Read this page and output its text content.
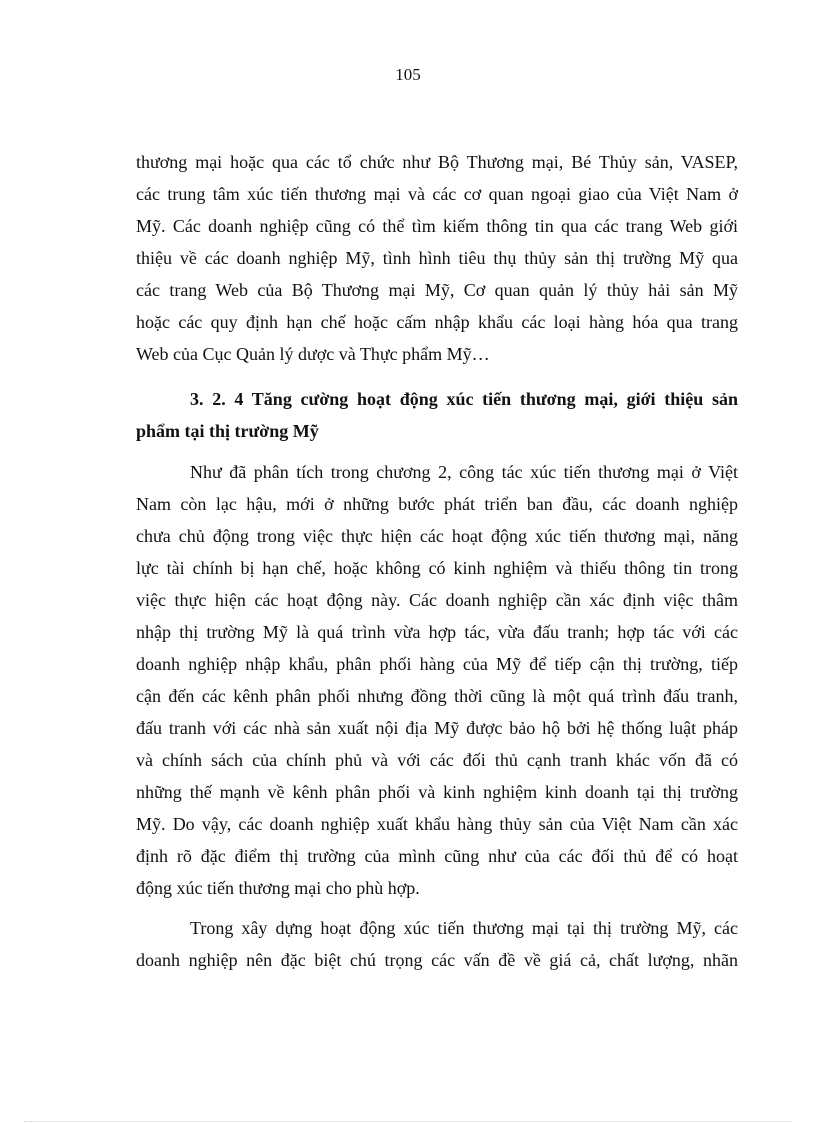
105
thương mại hoặc qua các tổ chức như Bộ Thương mại, Bé Thủy sản, VASEP,
các trung tâm xúc tiến thương mại và các cơ quan ngoại giao của Việt Nam ở
Mỹ. Các doanh nghiệp cũng có thể tìm kiếm thông tin qua các trang Web giới
thiệu về các doanh nghiệp Mỹ, tình hình tiêu thụ thủy sản thị trường Mỹ qua
các trang Web của Bộ Thương mại Mỹ, Cơ quan quản lý thủy hải sản Mỹ
hoặc các quy định hạn chế hoặc cấm nhập khẩu các loại hàng hóa qua trang
Web của Cục Quản lý dược và Thực phẩm Mỹ…
3. 2. 4 Tăng cường hoạt động xúc tiến thương mại, giới thiệu sản
phẩm tại thị trường Mỹ
Như đã phân tích trong chương 2, công tác xúc tiến thương mại ở Việt
Nam còn lạc hậu, mới ở những bước phát triển ban đầu, các doanh nghiệp
chưa chủ động trong việc thực hiện các hoạt động xúc tiến thương mại, năng
lực tài chính bị hạn chế, hoặc không có kinh nghiệm và thiếu thông tin trong
việc thực hiện các hoạt động này. Các doanh nghiệp cần xác định việc thâm
nhập thị trường Mỹ là quá trình vừa hợp tác, vừa đấu tranh; hợp tác với các
doanh nghiệp nhập khẩu, phân phối hàng của Mỹ để tiếp cận thị trường, tiếp
cận đến các kênh phân phối nhưng đồng thời cũng là một quá trình đấu tranh,
đấu tranh với các nhà sản xuất nội địa Mỹ được bảo hộ bởi hệ thống luật pháp
và chính sách của chính phủ và với các đối thủ cạnh tranh khác vốn đã có
những thế mạnh về kênh phân phối và kinh nghiệm kinh doanh tại thị trường
Mỹ. Do vậy, các doanh nghiệp xuất khẩu hàng thủy sản của Việt Nam cần xác
định rõ đặc điểm thị trường của mình cũng như của các đối thủ để có hoạt
động xúc tiến thương mại cho phù hợp.
Trong xây dựng hoạt động xúc tiến thương mại tại thị trường Mỹ, các
doanh nghiệp nên đặc biệt chú trọng các vấn đề về giá cả, chất lượng, nhãn
